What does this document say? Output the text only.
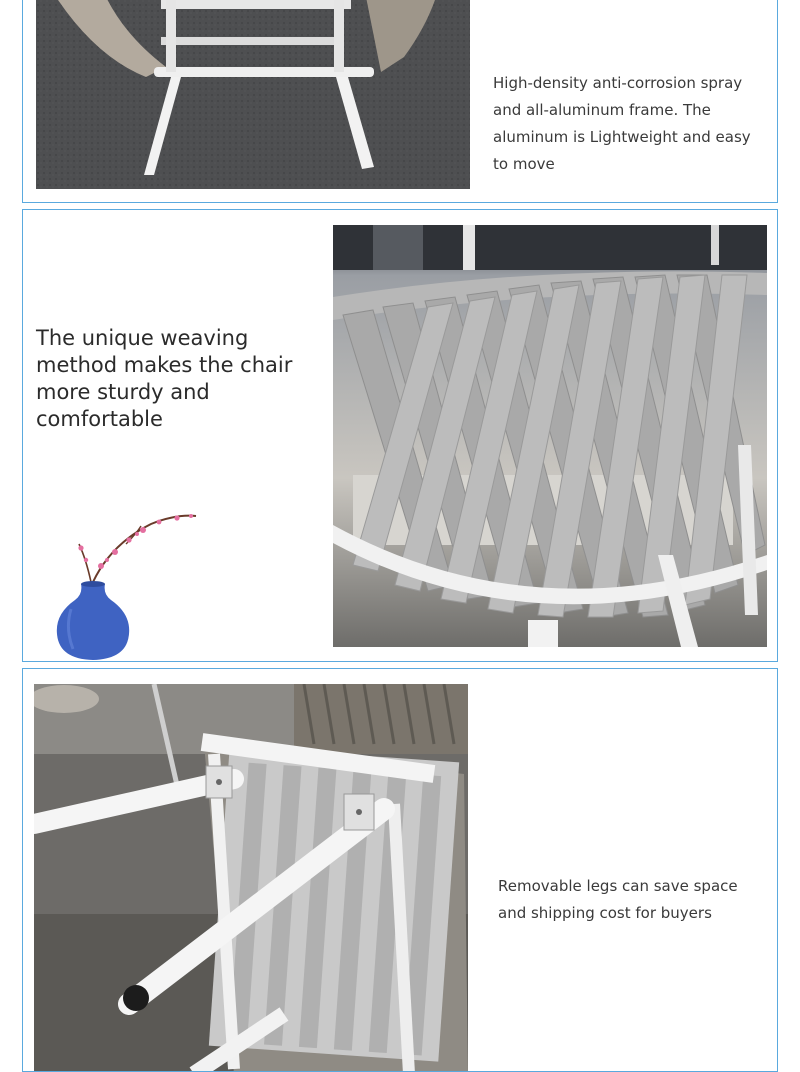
High-density anti-corrosion spray and all-aluminum frame. The aluminum is Lightweight and easy to move
The unique weaving method makes the chair more sturdy and comfortable
Removable legs can save space and shipping cost for buyers
